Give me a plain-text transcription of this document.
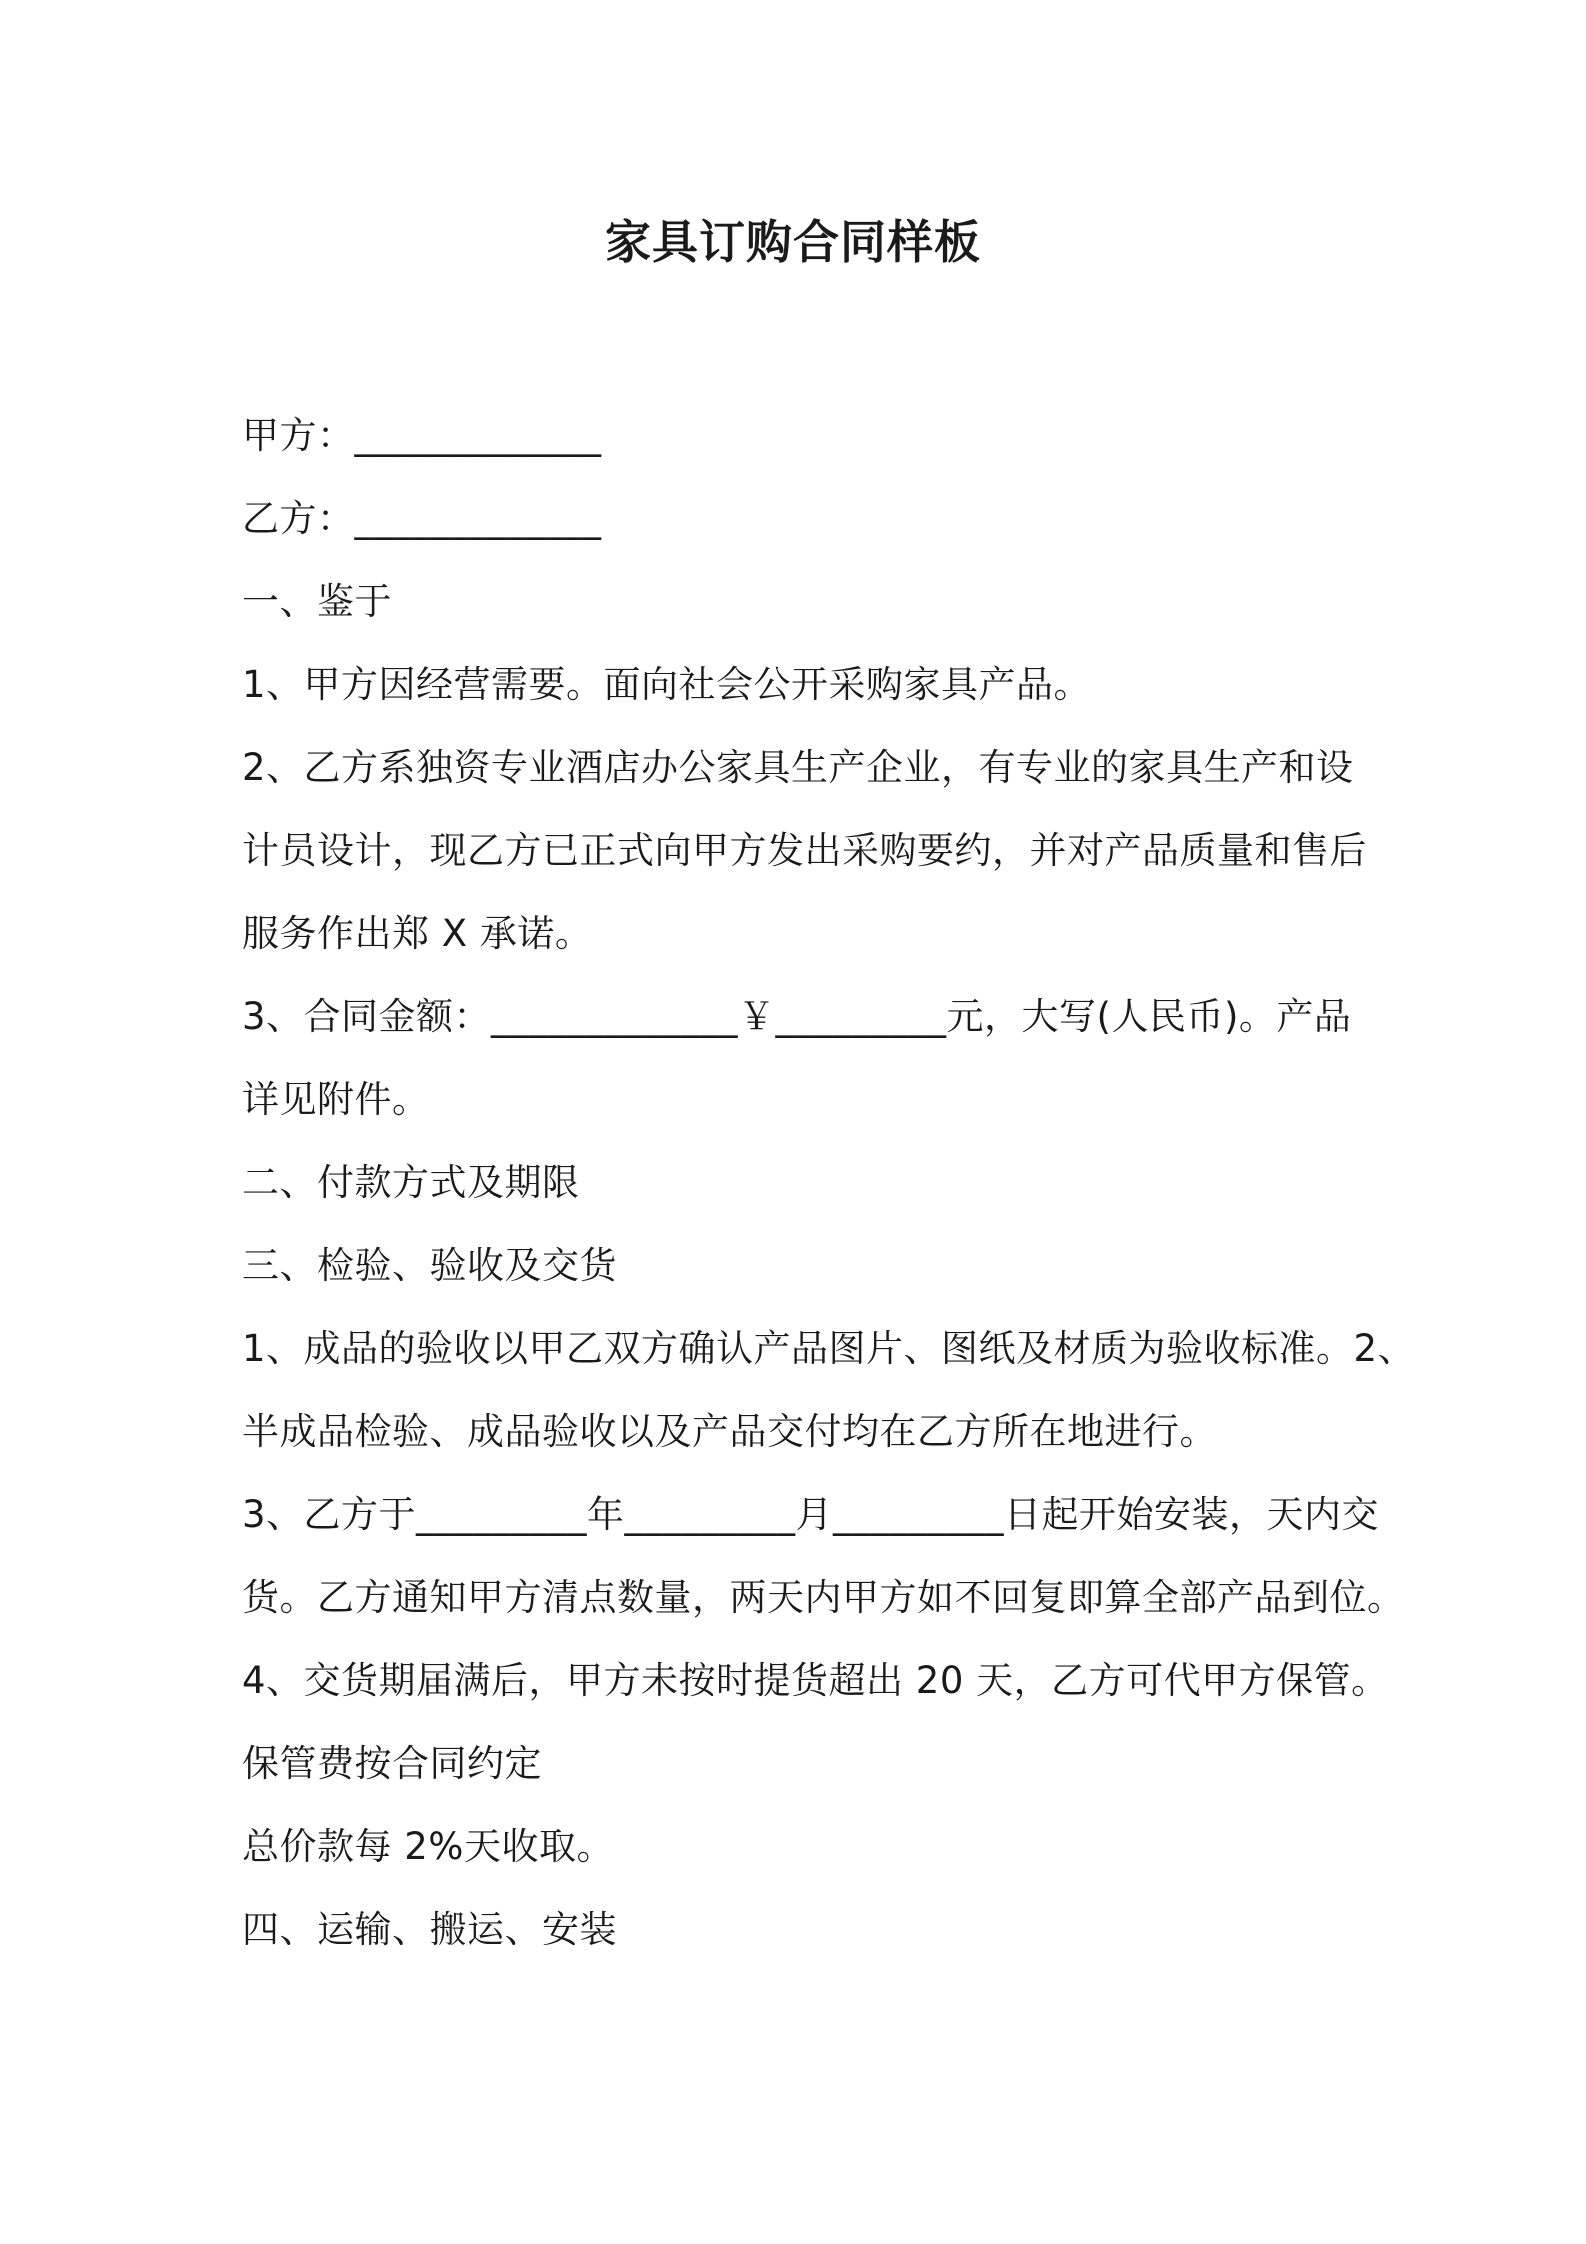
家具订购合同样板
甲方：_____________
乙方：_____________
一、鉴于
1、甲方因经营需要。面向社会公开采购家具产品。
2、乙方系独资专业酒店办公家具生产企业，有专业的家具生产和设
计员设计，现乙方已正式向甲方发出采购要约，并对产品质量和售后
服务作出郑 X 承诺。
3、合同金额：_____________￥_________元，大写(人民币)。产品
详见附件。
二、付款方式及期限
三、检验、验收及交货
1、成品的验收以甲乙双方确认产品图片、图纸及材质为验收标准。2、
半成品检验、成品验收以及产品交付均在乙方所在地进行。
3、乙方于_________年_________月_________日起开始安装，天内交
货。乙方通知甲方清点数量，两天内甲方如不回复即算全部产品到位。
4、交货期届满后，甲方未按时提货超出 20 天，乙方可代甲方保管。
保管费按合同约定
总价款每 2%天收取。
四、运输、搬运、安装
